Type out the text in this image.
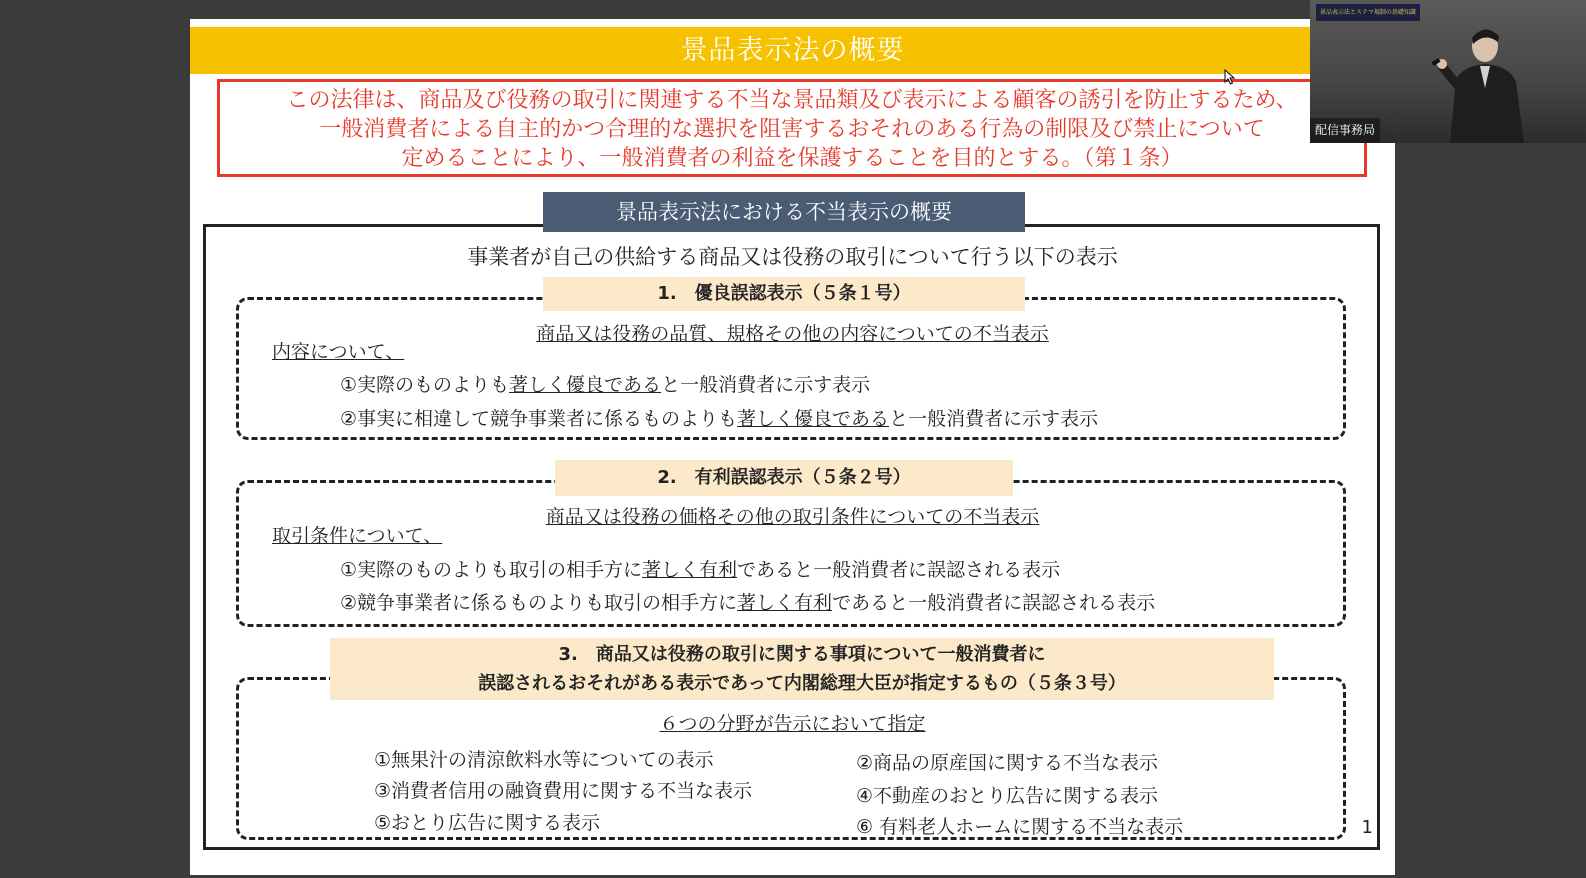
景品表示法の概要
この法律は、商品及び役務の取引に関連する不当な景品類及び表示による顧客の誘引を防止するため、
一般消費者による自主的かつ合理的な選択を阻害するおそれのある行為の制限及び禁止について
定めることにより、一般消費者の利益を保護することを目的とする。（第１条）
景品表示法における不当表示の概要
事業者が自己の供給する商品又は役務の取引について行う以下の表示
1.　優良誤認表示（５条１号）
商品又は役務の品質、規格その他の内容についての不当表示
内容について、
①実際のものよりも著しく優良であると一般消費者に示す表示
②事実に相違して競争事業者に係るものよりも著しく優良であると一般消費者に示す表示
2.　有利誤認表示（５条２号）
商品又は役務の価格その他の取引条件についての不当表示
取引条件について、
①実際のものよりも取引の相手方に著しく有利であると一般消費者に誤認される表示
②競争事業者に係るものよりも取引の相手方に著しく有利であると一般消費者に誤認される表示
3.　商品又は役務の取引に関する事項について一般消費者に
誤認されるおそれがある表示であって内閣総理大臣が指定するもの（５条３号）
６つの分野が告示において指定
①無果汁の清涼飲料水等についての表示	②商品の原産国に関する不当な表示
③消費者信用の融資費用に関する不当な表示	④不動産のおとり広告に関する表示
⑤おとり広告に関する表示	⑥ 有料老人ホームに関する不当な表示	1
景品表示法とステマ規制の基礎知識
配信事務局
